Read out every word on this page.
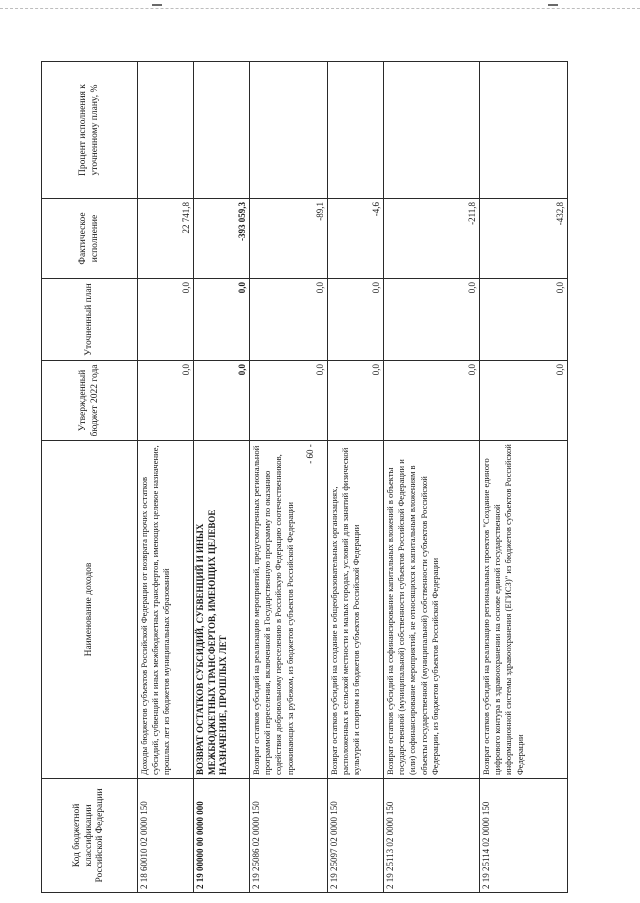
- 60 -
Код бюджетной классификации Российской Федерации	Наименование доходов	Утвержденный бюджет 2022 года	Уточненный план	Фактическое исполнение	Процент исполнения к уточненному плану, %
2 18 60010 02 0000 150	Доходы бюджетов субъектов Российской Федерации от возврата прочих остатков субсидий, субвенций и иных межбюджетных трансфертов, имеющих целевое назначение, прошлых лет из бюджетов муниципальных образований	0,0	0,0	22 741,8	
2 19 00000 00 0000 000	ВОЗВРАТ ОСТАТКОВ СУБСИДИЙ, СУБВЕНЦИЙ И ИНЫХ МЕЖБЮДЖЕТНЫХ ТРАНСФЕРТОВ, ИМЕЮЩИХ ЦЕЛЕВОЕ НАЗНАЧЕНИЕ, ПРОШЛЫХ ЛЕТ	0,0	0,0	-393 059,3	
2 19 25086 02 0000 150	Возврат остатков субсидий на реализацию мероприятий, предусмотренных региональной программой переселения, включенной в Государственную программу по оказанию содействия добровольному переселению в Российскую Федерацию соотечественников, проживающих за рубежом, из бюджетов субъектов Российской Федерации	0,0	0,0	-89,1	
2 19 25097 02 0000 150	Возврат остатков субсидий на создание в общеобразовательных организациях, расположенных в сельской местности и малых городах, условий для занятий физической культурой и спортом из бюджетов субъектов Российской Федерации	0,0	0,0	-4,6	
2 19 25113 02 0000 150	Возврат остатков субсидий на софинансирование капитальных вложений в объекты государственной (муниципальной) собственности субъектов Российской Федерации и (или) софинансирование мероприятий, не относящихся к капитальным вложениям в объекты государственной (муниципальной) собственности субъектов Российской Федерации, из бюджетов субъектов Российской Федерации	0,0	0,0	-211,8	
2 19 25114 02 0000 150	Возврат остатков субсидий на реализацию региональных проектов "Создание единого цифрового контура в здравоохранении на основе единой государственной информационной системы здравоохранения (ЕГИСЗ)" из бюджетов субъектов Российской Федерации	0,0	0,0	-432,8	
